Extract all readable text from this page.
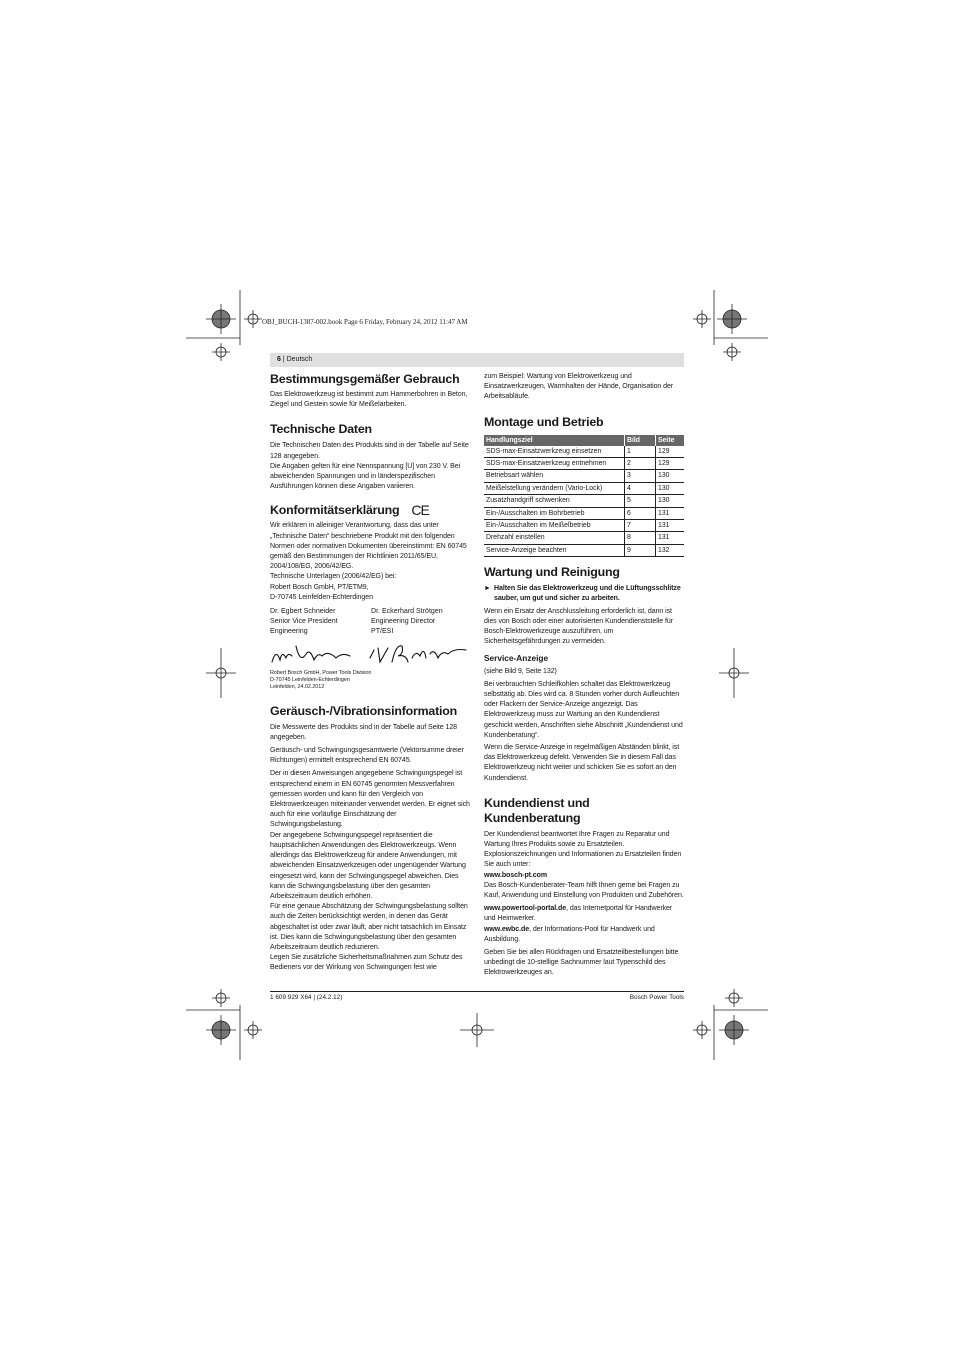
OBJ_BUCH-1387-002.book Page 6 Friday, February 24, 2012 11:47 AM
6 | Deutsch
Bestimmungsgemäßer Gebrauch

Das Elektrowerkzeug ist bestimmt zum Hammerbohren in Beton, Ziegel und Gestein sowie für Meißelarbeiten.

Technische Daten

Die Technischen Daten des Produkts sind in der Tabelle auf Seite 128 angegeben.

Die Angaben gelten für eine Nennspannung [U] von 230 V. Bei abweichenden Spannungen und in länderspezifischen Ausführungen können diese Angaben variieren.

Konformitätserklärung CE

Wir erklären in alleiniger Verantwortung, dass das unter „Technische Daten“ beschriebene Produkt mit den folgenden Normen oder normativen Dokumenten übereinstimmt: EN 60745 gemäß den Bestimmungen der Richtlinien 2011/65/EU, 2004/108/EG, 2006/42/EG.

Technische Unterlagen (2006/42/EG) bei:

Robert Bosch GmbH, PT/ETM9,

D-70745 Leinfelden-Echterdingen

Dr. Egbert Schneider
Senior Vice President
Engineering
Dr. Eckerhard Strötgen
Engineering Director
PT/ESI

Robert Bosch GmbH, Power Tools Division

D-70745 Leinfelden-Echterdingen

Leinfelden, 24.02.2012

Geräusch-/Vibrationsinformation

Die Messwerte des Produkts sind in der Tabelle auf Seite 128 angegeben.

Geräusch- und Schwingungsgesamtwerte (Vektorsumme dreier Richtungen) ermittelt entsprechend EN 60745.

Der in diesen Anweisungen angegebene Schwingungspegel ist entsprechend einem in EN 60745 genormten Messverfahren gemessen worden und kann für den Vergleich von Elektrowerkzeugen miteinander verwendet werden. Er eignet sich auch für eine vorläufige Einschätzung der Schwingungsbelastung.

Der angegebene Schwingungspegel repräsentiert die hauptsächlichen Anwendungen des Elektrowerkzeugs. Wenn allerdings das Elektrowerkzeug für andere Anwendungen, mit abweichenden Einsatzwerkzeugen oder ungenügender Wartung eingesetzt wird, kann der Schwingungspegel abweichen. Dies kann die Schwingungsbelastung über den gesamten Arbeitszeitraum deutlich erhöhen.

Für eine genaue Abschätzung der Schwingungsbelastung sollten auch die Zeiten berücksichtigt werden, in denen das Gerät abgeschaltet ist oder zwar läuft, aber nicht tatsächlich im Einsatz ist. Dies kann die Schwingungsbelastung über den gesamten Arbeitszeitraum deutlich reduzieren.

Legen Sie zusätzliche Sicherheitsmaßnahmen zum Schutz des Bedieners vor der Wirkung von Schwingungen fest wie

zum Beispiel: Wartung von Elektrowerkzeug und Einsatzwerkzeugen, Warmhalten der Hände, Organisation der Arbeitsabläufe.

Montage und Betrieb
Handlungsziel	Bild	Seite
SDS-max-Einsatzwerkzeug einsetzen	1	129
SDS-max-Einsatzwerkzeug entnehmen	2	129
Betriebsart wählen	3	130
Meißelstellung verändern (Vario-Lock)	4	130
Zusatzhandgriff schwenken	5	130
Ein-/Ausschalten im Bohrbetrieb	6	131
Ein-/Ausschalten im Meißelbetrieb	7	131
Drehzahl einstellen	8	131
Service-Anzeige beachten	9	132
Wartung und Reinigung
► Halten Sie das Elektrowerkzeug und die Lüftungsschlitze sauber, um gut und sicher zu arbeiten.

Wenn ein Ersatz der Anschlussleitung erforderlich ist, dann ist dies von Bosch oder einer autorisierten Kundendienststelle für Bosch-Elektrowerkzeuge auszuführen, um Sicherheitsgefährdungen zu vermeiden.

Service-Anzeige

(siehe Bild 9, Seite 132)

Bei verbrauchten Schleifkohlen schaltet das Elektrowerkzeug selbsttätig ab. Dies wird ca. 8 Stunden vorher durch Aufleuchten oder Flackern der Service-Anzeige angezeigt. Das Elektrowerkzeug muss zur Wartung an den Kundendienst geschickt werden, Anschriften siehe Abschnitt „Kundendienst und Kundenberatung“.

Wenn die Service-Anzeige in regelmäßigen Abständen blinkt, ist das Elektrowerkzeug defekt. Verwenden Sie in diesem Fall das Elektrowerkzeug nicht weiter und schicken Sie es sofort an den Kundendienst.

Kundendienst und Kundenberatung

Der Kundendienst beantwortet Ihre Fragen zu Reparatur und Wartung Ihres Produkts sowie zu Ersatzteilen. Explosionszeichnungen und Informationen zu Ersatzteilen finden Sie auch unter:

www.bosch-pt.com

Das Bosch-Kundenberater-Team hilft Ihnen gerne bei Fragen zu Kauf, Anwendung und Einstellung von Produkten und Zubehören.

www.powertool-portal.de, das Internetportal für Handwerker und Heimwerker.

www.ewbc.de, der Informations-Pool für Handwerk und Ausbildung.

Geben Sie bei allen Rückfragen und Ersatzteilbestellungen bitte unbedingt die 10-stellige Sachnummer laut Typenschild des Elektrowerkzeuges an.

1 609 929 X64 | (24.2.12)	Bosch Power Tools
